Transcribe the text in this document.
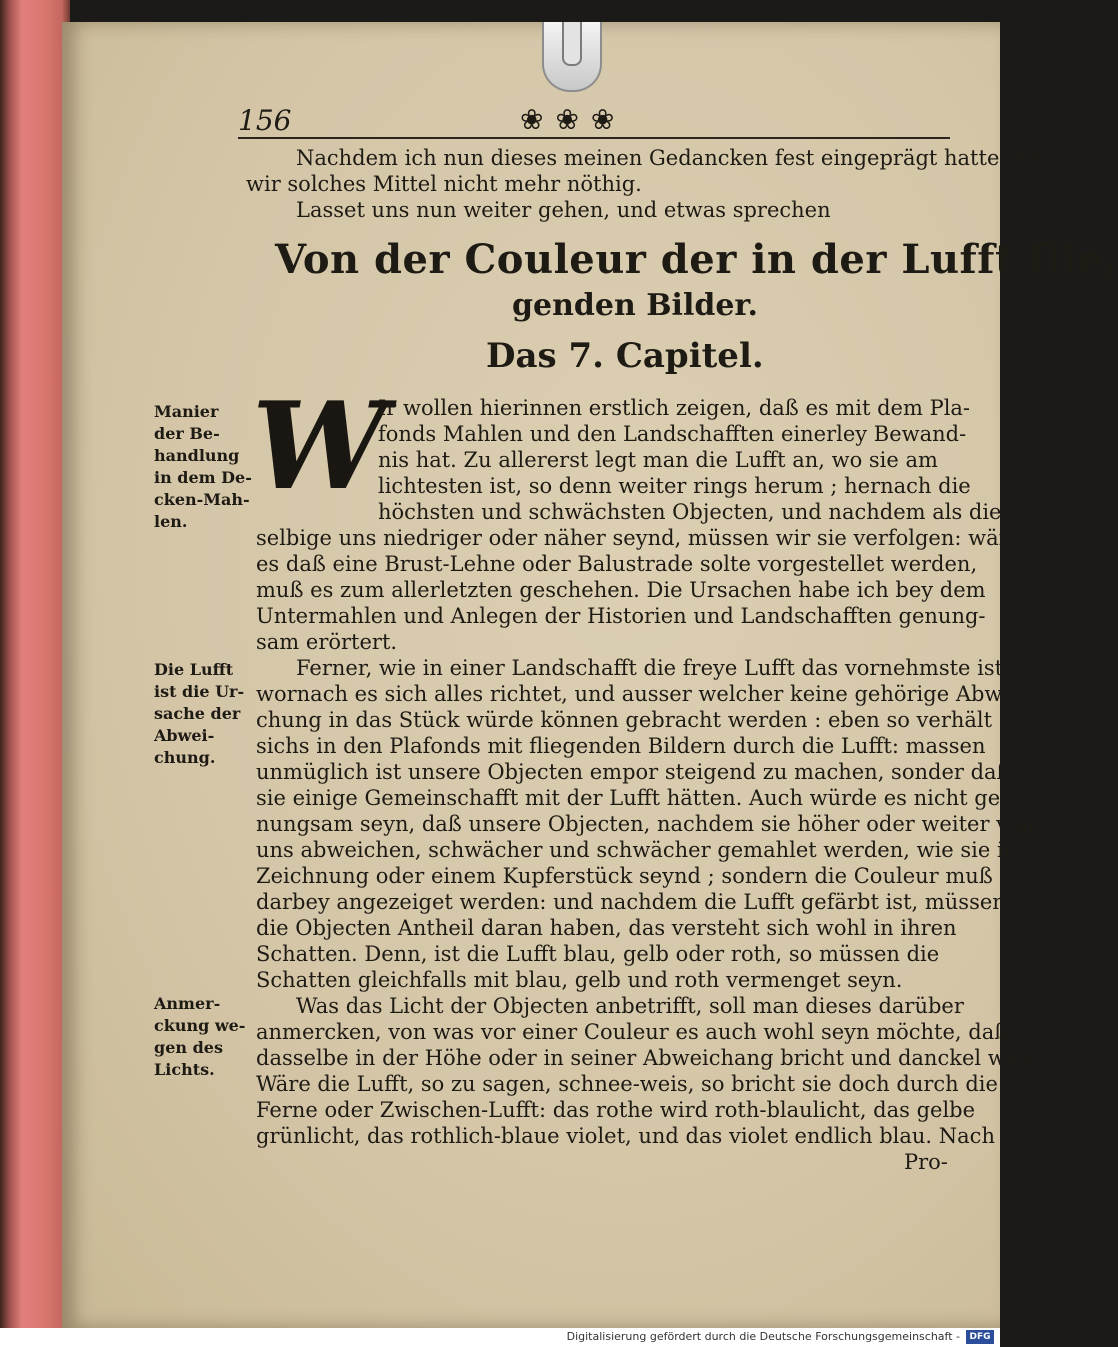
156	❀❀❀
Nachdem ich nun dieses meinen Gedancken fest eingeprägt hatte, war
wir solches Mittel nicht mehr nöthig.
Lasset uns nun weiter gehen, und etwas sprechen
Von der Couleur der in der Lufft flie,
genden Bilder.
Das 7. Capitel.
W
Ir wollen hierinnen erstlich zeigen, daß es mit dem Pla-
fonds Mahlen und den Landschafften einerley Bewand-
nis hat. Zu allererst legt man die Lufft an, wo sie am
lichtesten ist, so denn weiter rings herum ; hernach die
höchsten und schwächsten Objecten, und nachdem als die-
selbige uns niedriger oder näher seynd, müssen wir sie verfolgen: wäre
es daß eine Brust-Lehne oder Balustrade solte vorgestellet werden,
muß es zum allerletzten geschehen. Die Ursachen habe ich bey dem
Untermahlen und Anlegen der Historien und Landschafften genung-
sam erörtert.
Ferner, wie in einer Landschafft die freye Lufft das vornehmste ist,
wornach es sich alles richtet, und ausser welcher keine gehörige Abwei-
chung in das Stück würde können gebracht werden : eben so verhält
sichs in den Plafonds mit fliegenden Bildern durch die Lufft: massen
unmüglich ist unsere Objecten empor steigend zu machen, sonder daß
sie einige Gemeinschafft mit der Lufft hätten. Auch würde es nicht ge-
nungsam seyn, daß unsere Objecten, nachdem sie höher oder weiter von
uns abweichen, schwächer und schwächer gemahlet werden, wie sie in einer
Zeichnung oder einem Kupferstück seynd ; sondern die Couleur muß
darbey angezeiget werden: und nachdem die Lufft gefärbt ist, müssen
die Objecten Antheil daran haben, das versteht sich wohl in ihren
Schatten. Denn, ist die Lufft blau, gelb oder roth, so müssen die
Schatten gleichfalls mit blau, gelb und roth vermenget seyn.
Was das Licht der Objecten anbetrifft, soll man dieses darüber
anmercken, von was vor einer Couleur es auch wohl seyn möchte, daß
dasselbe in der Höhe oder in seiner Abweichang bricht und danckel wird.
Wäre die Lufft, so zu sagen, schnee-weis, so bricht sie doch durch die
Ferne oder Zwischen-Lufft: das rothe wird roth-blaulicht, das gelbe
grünlicht, das rothlich-blaue violet, und das violet endlich blau. Nach
Pro-
Manier
der Be-
handlung
in dem De-
cken-Mah-
len.
Die Lufft
ist die Ur-
sache der
Abwei-
chung.
Anmer-
ckung we-
gen des
Lichts.
Digitalisierung gefördert durch die Deutsche Forschungsgemeinschaft -	DFG
